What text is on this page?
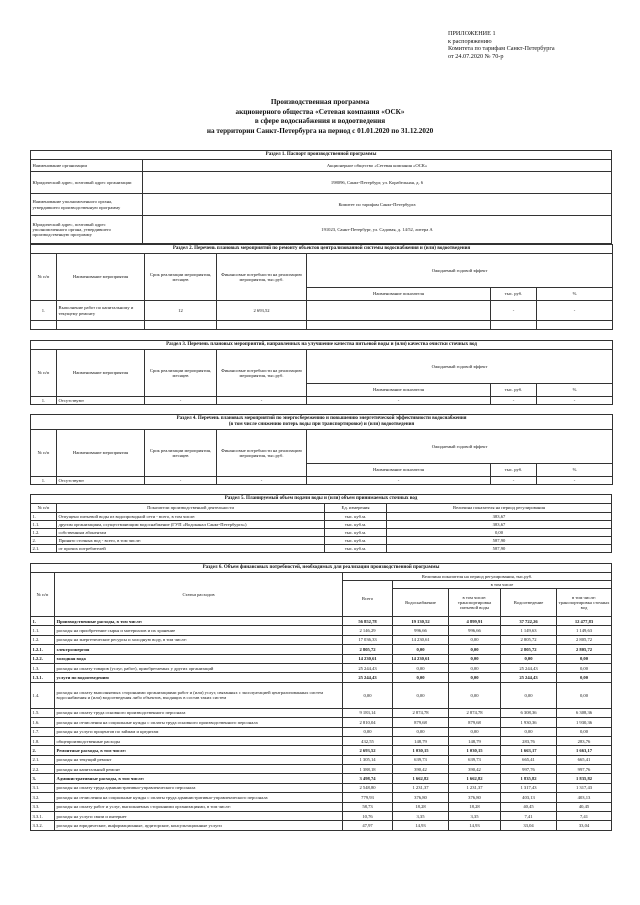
ПРИЛОЖЕНИЕ 1
к распоряжению
Комитета по тарифам Санкт-Петербурга
от 24.07.2020 № 70-р
Производственная программа
акционерного общества «Сетевая компания «ОСК»
в сфере водоснабжения и водоотведения
на территории Санкт-Петербурга на период с 01.01.2020 по 31.12.2020
Раздел 1. Паспорт производственной программы	
Наименование организации	Акционерное общество «Сетевая компания «ОСК»
Юридический адрес, почтовый адрес организации	198096, Санкт-Петербург, ул. Корабельная, д. 6
Наименование уполномоченного органа, утвердившего производственную программу	Комитет по тарифам Санкт-Петербурга
Юридический адрес, почтовый адрес уполномоченного органа, утвердившего производственную программу	191023, Санкт-Петербург, ул. Садовая, д. 14/52, литера А
Раздел 2. Перечень плановых мероприятий по ремонту объектов централизованной системы водоснабжения и (или) водоотведения						
№ п/п	Наименование мероприятия	Срок реализации мероприятия, месяцев	Финансовые потребности на реализацию мероприятия, тыс.руб.	Ожидаемый годовой эффект		
				Наименование показателя	тыс. руб.	%
1.	Выполнение работ по капитальному и текущему ремонту	12	2 693,52		-	-

Раздел 3. Перечень плановых мероприятий, направленных на улучшение качества питьевой воды и (или) качества очистки сточных вод						
№ п/п	Наименование мероприятия	Срок реализации мероприятия, месяцев	Финансовые потребности на реализацию мероприятия, тыс.руб.	Ожидаемый годовой эффект		
				Наименование показателя	тыс. руб.	%
1.	Отсутствуют	-	-	-	-	-
Раздел 4. Перечень плановых мероприятий по энергосбережению и повышению энергетической эффективности водоснабжения
(в том числе снижению потерь воды при транспортировке) и (или) водоотведения						

№ п/п	Наименование мероприятия	Срок реализации мероприятия, месяцев	Финансовые потребности на реализацию мероприятия, тыс.руб.	Ожидаемый годовой эффект		
				Наименование показателя	тыс. руб.	%
1.	Отсутствуют	-	-	-	-	-
Раздел 5. Планируемый объем подачи воды и (или) объем принимаемых сточных вод			
№ п/п	Показатели производственной деятельности	Ед. измерения	Величина показателя на период регулирования
1.	Отпущено питьевой воды из водопроводной сети - всего, в том числе:	тыс. куб.м.	383,67
1.1.	другим организациям, осуществляющим водоснабжение (ГУП «Водоканал Санкт-Петербурга»)	тыс. куб.м.	383,67
1.2.	собственным абонентам	тыс. куб.м.	0,00
2.	Принято сточных вод - всего, в том числе:	тыс. куб.м.	587,90
2.1.	от прочих потребителей	тыс. куб.м.	587,90
Раздел 6. Объем финансовых потребностей, необходимых для реализации производственной программы						
№ п/п	Статьи расходов	Величина показателя на период регулирования, тыс.руб.				
		Всего	в том числе			
			Водоснабжение	в том числе: транспортировка питьевой воды	Водоотведение	в том числе: транспортировка сточных вод
1.	Производственные расходы, в том числе:	56 852,78	19 130,52	4 899,91	37 722,26	12 477,83
1.1.	расходы на приобретение сырья и материалов и их хранение	2 146,29	996,66	996,66	1 149,63	1 149,63
1.2.	расходы на энергетические ресурсы и холодную воду, в том числе:	17 036,33	14 230,61	0,00	2 805,72	2 805,72
1.2.1.	электроэнергия	2 805,72	0,00	0,00	2 805,72	2 805,72
1.2.2.	холодная вода	14 230,61	14 230,61	0,00	0,00	0,00
1.3.	расходы на оплату товаров (услуг, работ), приобретаемых у других организаций	25 244,43	0,00	0,00	25 244,43	0,00
1.3.1.	услуги по водоотведению	25 244,43	0,00	0,00	25 244,43	0,00
1.4.	расходы на оплату выполняемых сторонними организациями работ и (или) услуг, связанных с эксплуатацией централизованных систем водоснабжения и (или) водоотведения либо объектов, входящих в состав таких систем	0,00	0,00	0,00	0,00	0,00
1.5.	расходы на оплату труда основного производственного персонала	9 183,14	2 874,78	2 874,78	6 308,36	6 308,36
1.6.	расходы на отчисления на социальные нужды с оплаты труда основного производственного персонала	2 810,04	879,68	879,68	1 930,36	1 930,36
1.7.	расходы на услуги процентов по займам и кредитам	0,00	0,00	0,00	0,00	0,00
1.8.	общепроизводственные расходы	432,55	148,79	148,79	283,76	283,76
2.	Ремонтные расходы, в том числе:	2 693,52	1 030,15	1 030,15	1 663,17	1 663,17
2.1.	расходы на текущий ремонт	1 305,14	639,73	639,73	665,41	665,41
2.2.	расходы на капитальный ремонт	1 388,18	390,42	390,42	997,76	997,76
3.	Административные расходы, в том числе:	3 498,74	1 662,82	1 662,82	1 835,82	1 835,82
3.1.	расходы на оплату труда административно-управленческого персонала	2 548,80	1 231,37	1 231,37	1 317,43	1 317,43
3.2.	расходы на отчисления на социальные нужды с оплаты труда административно-управленческого персонала	779,93	376,80	376,80	403,13	403,13
3.3.	расходы на оплату работ и услуг, выполняемых сторонними организациями, в том числе:	58,73	18,28	18,28	40,45	40,45
3.3.1.	расходы на услуги связи и интернет	10,76	3,35	3,35	7,41	7,41
3.3.2.	расходы на юридические, информационные, аудиторские, консультационные услуги	47,97	14,93	14,93	33,04	33,04
